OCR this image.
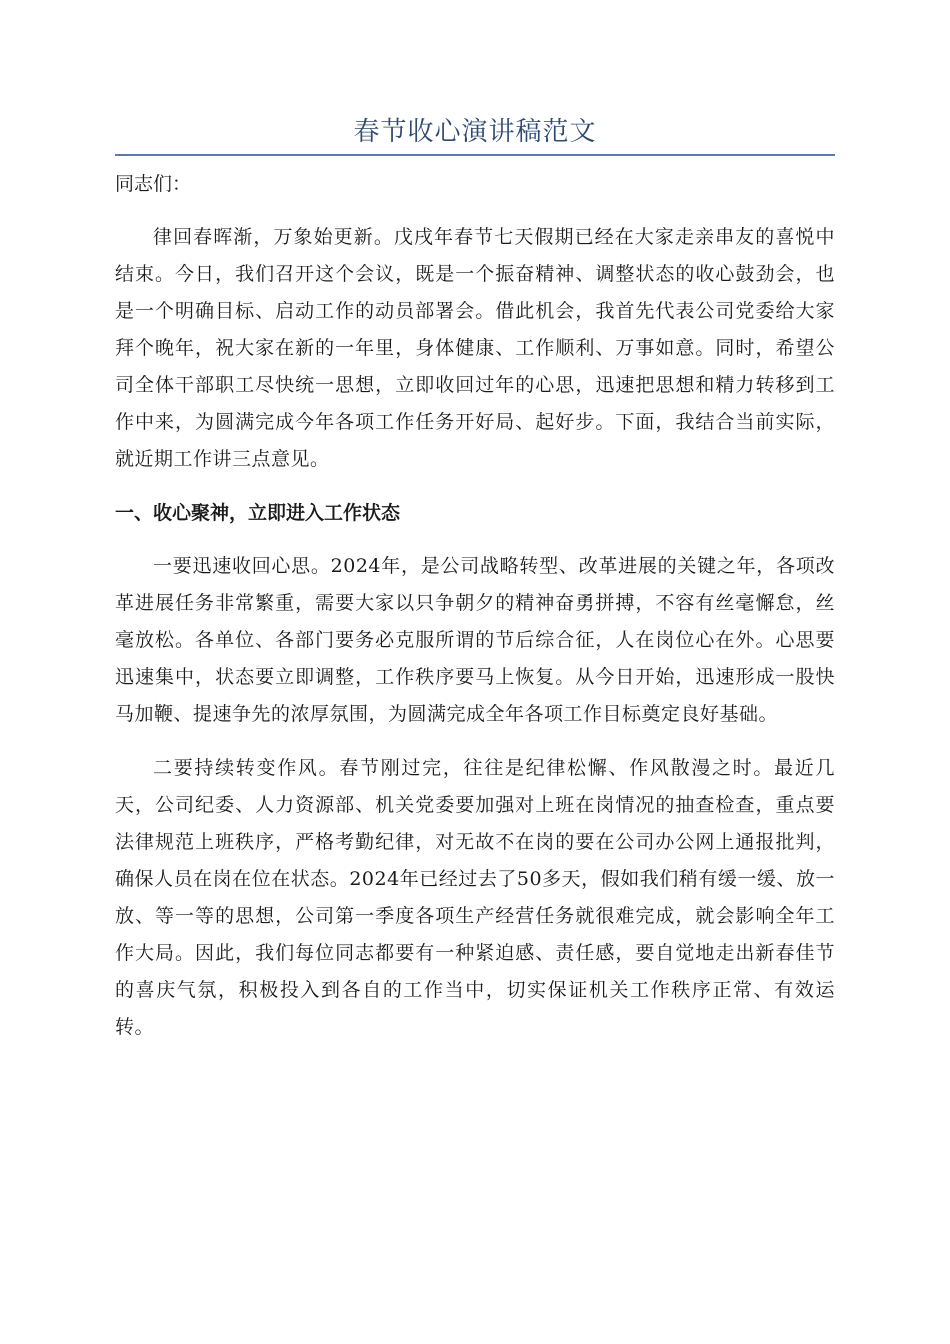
春节收心演讲稿范文

同志们：

律回春晖渐，万象始更新。戊戌年春节七天假期已经在大家走亲串友的喜悦中结束。今日，我们召开这个会议，既是一个振奋精神、调整状态的收心鼓劲会，也是一个明确目标、启动工作的动员部署会。借此机会，我首先代表公司党委给大家拜个晚年，祝大家在新的一年里，身体健康、工作顺利、万事如意。同时，希望公司全体干部职工尽快统一思想，立即收回过年的心思，迅速把思想和精力转移到工作中来，为圆满完成今年各项工作任务开好局、起好步。下面，我结合当前实际，就近期工作讲三点意见。

一、收心聚神，立即进入工作状态

一要迅速收回心思。2024年，是公司战略转型、改革进展的关键之年，各项改革进展任务非常繁重，需要大家以只争朝夕的精神奋勇拼搏，不容有丝毫懈怠，丝毫放松。各单位、各部门要务必克服所谓的节后综合征，人在岗位心在外。心思要迅速集中，状态要立即调整，工作秩序要马上恢复。从今日开始，迅速形成一股快马加鞭、提速争先的浓厚氛围，为圆满完成全年各项工作目标奠定良好基础。

二要持续转变作风。春节刚过完，往往是纪律松懈、作风散漫之时。最近几天，公司纪委、人力资源部、机关党委要加强对上班在岗情况的抽查检查，重点要法律规范上班秩序，严格考勤纪律，对无故不在岗的要在公司办公网上通报批判，确保人员在岗在位在状态。2024年已经过去了50多天，假如我们稍有缓一缓、放一放、等一等的思想，公司第一季度各项生产经营任务就很难完成，就会影响全年工作大局。因此，我们每位同志都要有一种紧迫感、责任感，要自觉地走出新春佳节的喜庆气氛，积极投入到各自的工作当中，切实保证机关工作秩序正常、有效运转。
